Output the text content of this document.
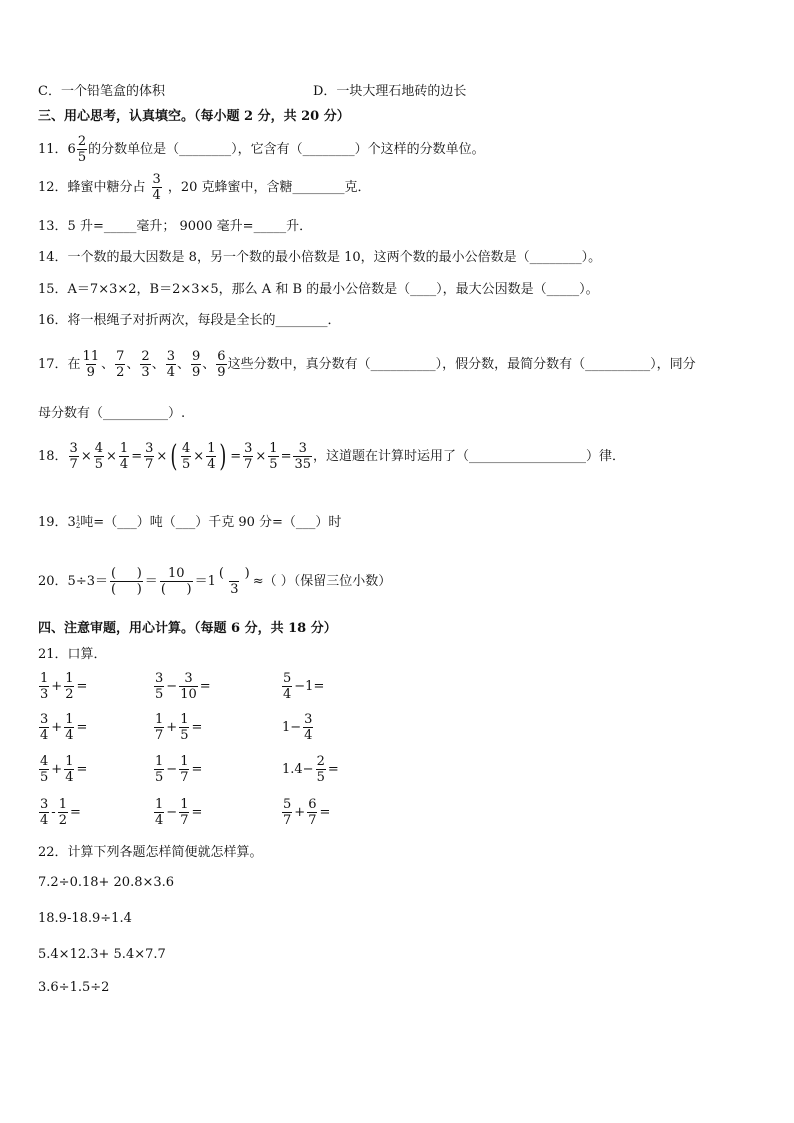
C．一个铅笔盒的体积	D．一块大理石地砖的边长
三、用心思考，认真填空。（每小题 2 分，共 20 分）
11． $6 \frac{2}{5}$ 的分数单位是（________），它含有（________）个这样的分数单位。
12．蜂蜜中糖分占 $\frac{3}{4}$ ，20 克蜂蜜中，含糖________克．
13．5 升=_____毫升； 9000 毫升=_____升．
14．一个数的最大因数是 8，另一个数的最小倍数是 10，这两个数的最小公倍数是（________）。
15．A＝7×3×2，B＝2×3×5，那么 A 和 B 的最小公倍数是（____），最大公因数是（_____）。
16．将一根绳子对折两次，每段是全长的________．
17．在 $\frac{11}{9}$ 、 $\frac{7}{2}$ 、 $\frac{2}{3}$ 、 $\frac{3}{4}$ 、 $\frac{9}{9}$ 、 $\frac{6}{9}$ 这些分数中，真分数有（__________），假分数，最简分数有（__________），同分
母分数有（__________）.
18． $\frac{3}{7} \times \frac{4}{5} \times \frac{1}{4} = \frac{3}{7}$ × ( $\frac{4}{5} \times \frac{1}{4}$ ) = $\frac{3}{7} \times \frac{1}{5} = \frac{3}{35}$ ，这道题在计算时运用了（__________________）律．
19．3 1
2 吨=（___）吨（___）千克 90 分=（___）时
20． $5\div 3= \frac{( )}{( )} = \frac{10}{( )} = 1 \frac{( )}{3}$ ≈（ ）（保留三位小数）
四、注意审题，用心计算。（每题 6 分，共 18 分）
21．口算．
$\frac{1}{3} + \frac{1}{2}$ =	$\frac{3}{5} - \frac{3}{10}$ =	$\frac{5}{4} -1=$
$\frac{3}{4} + \frac{1}{4}$ =	$\frac{1}{7} + \frac{1}{5}$ =	$1- \frac{3}{4}$
$\frac{4}{5} + \frac{1}{4}$ =	$\frac{1}{5} - \frac{1}{7}$ =	$1.4- \frac{2}{5}$ =
$\frac{3}{4} - \frac{1}{2}$ =	$\frac{1}{4} - \frac{1}{7}$ =	$\frac{5}{7} + \frac{6}{7}$ =
22．计算下列各题怎样简便就怎样算。
7.2÷0.18+ 20.8×3.6
18.9-18.9÷1.4
5.4×12.3+ 5.4×7.7
3.6÷1.5÷2
